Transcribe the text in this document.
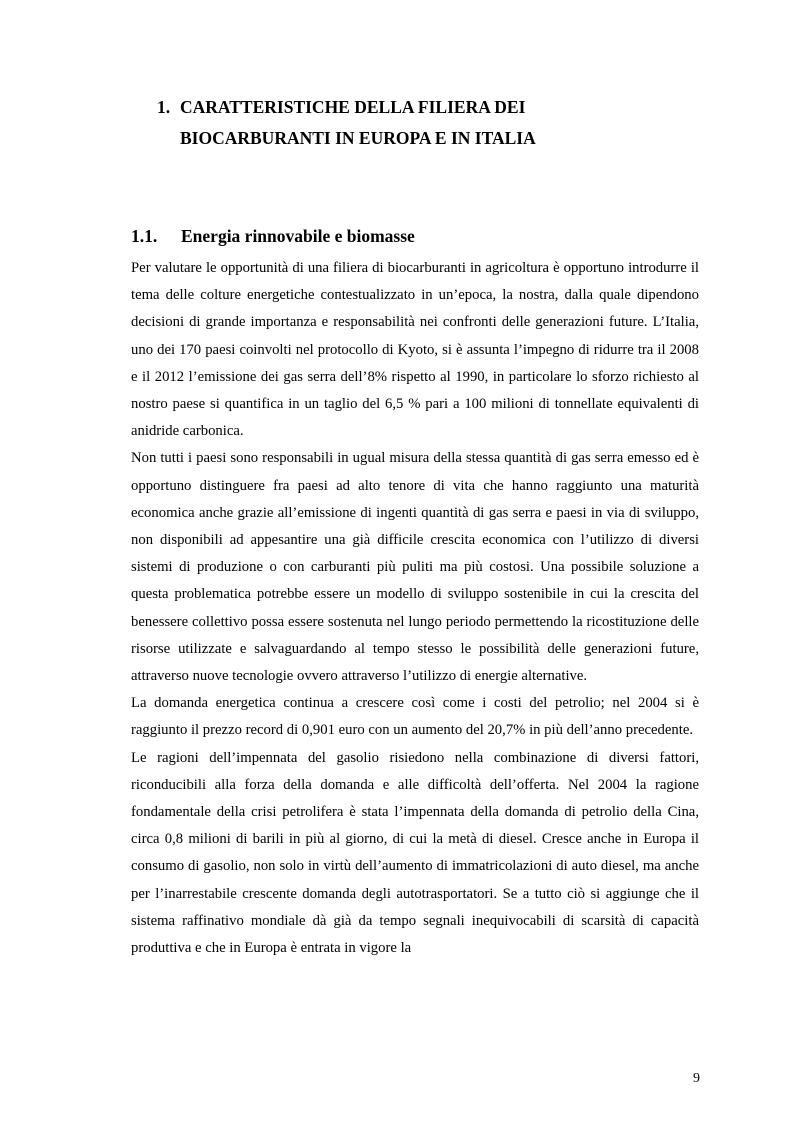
1. CARATTERISTICHE DELLA FILIERA DEI
BIOCARBURANTI IN EUROPA E IN ITALIA
1.1. Energia rinnovabile e biomasse

Per valutare le opportunità di una filiera di biocarburanti in agricoltura è opportuno introdurre il tema delle colture energetiche contestualizzato in un’epoca, la nostra, dalla quale dipendono decisioni di grande importanza e responsabilità nei confronti delle generazioni future. L’Italia, uno dei 170 paesi coinvolti nel protocollo di Kyoto, si è assunta l’impegno di ridurre tra il 2008 e il 2012 l’emissione dei gas serra dell’8% rispetto al 1990, in particolare lo sforzo richiesto al nostro paese si quantifica in un taglio del 6,5 % pari a 100 milioni di tonnellate equivalenti di anidride carbonica.

Non tutti i paesi sono responsabili in ugual misura della stessa quantità di gas serra emesso ed è opportuno distinguere fra paesi ad alto tenore di vita che hanno raggiunto una maturità economica anche grazie all’emissione di ingenti quantità di gas serra e paesi in via di sviluppo, non disponibili ad appesantire una già difficile crescita economica con l’utilizzo di diversi sistemi di produzione o con carburanti più puliti ma più costosi. Una possibile soluzione a questa problematica potrebbe essere un modello di sviluppo sostenibile in cui la crescita del benessere collettivo possa essere sostenuta nel lungo periodo permettendo la ricostituzione delle risorse utilizzate e salvaguardando al tempo stesso le possibilità delle generazioni future, attraverso nuove tecnologie ovvero attraverso l’utilizzo di energie alternative.

La domanda energetica continua a crescere così come i costi del petrolio; nel 2004 si è raggiunto il prezzo record di 0,901 euro con un aumento del 20,7% in più dell’anno precedente.

Le ragioni dell’impennata del gasolio risiedono nella combinazione di diversi fattori, riconducibili alla forza della domanda e alle difficoltà dell’offerta. Nel 2004 la ragione fondamentale della crisi petrolifera è stata l’impennata della domanda di petrolio della Cina, circa 0,8 milioni di barili in più al giorno, di cui la metà di diesel. Cresce anche in Europa il consumo di gasolio, non solo in virtù dell’aumento di immatricolazioni di auto diesel, ma anche per l’inarrestabile crescente domanda degli autotrasportatori. Se a tutto ciò si aggiunge che il sistema raffinativo mondiale dà già da tempo segnali inequivocabili di scarsità di capacità produttiva e che in Europa è entrata in vigore la

9
